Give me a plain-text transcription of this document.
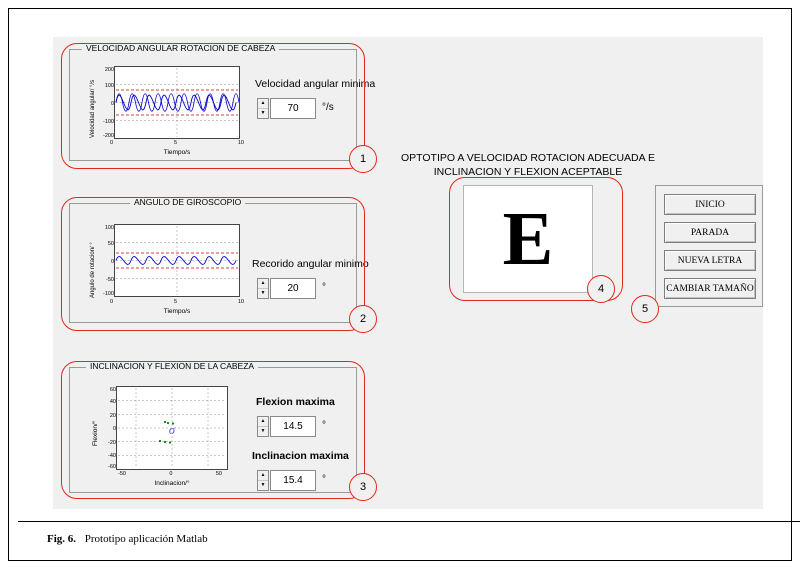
VELOCIDAD ANGULAR ROTACION DE CABEZA
200
100
0
-100
-200
Velocidad angular/ °/s
Tiempo/s
0	5	10
Velocidad angular minima
▲
▼	70	°/s
1
ANGULO DE GIROSCOPIO
100
50
0
-50
-100
Angulo de rotacion/ °
Tiempo/s
0	5	10
Recorido angular minimo
▲
▼	20	°
2
INCLINACION Y FLEXION DE LA CABEZA
σ
60
40
20
0
-20
-40
-60
Flexion/°
Inclinacion/°
-50	0	50
Flexion maxima
▲
▼	14.5	°
Inclinacion maxima
▲
▼	15.4	°
3
OPTOTIPO A VELOCIDAD ROTACION ADECUADA E
INCLINACION Y FLEXION ACEPTABLE
E
4
INICIO
PARADA
NUEVA LETRA
CAMBIAR TAMAÑO
5
Fig. 6. Prototipo aplicación Matlab
